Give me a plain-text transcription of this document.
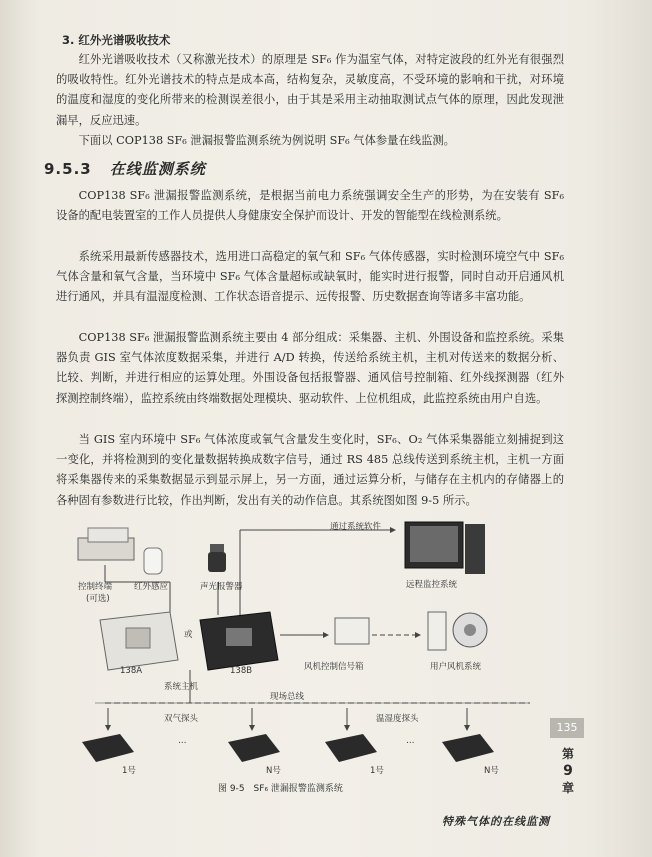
3. 红外光谱吸收技术
红外光谱吸收技术（又称激光技术）的原理是 SF₆ 作为温室气体，对特定波段的红外光有很强烈的吸收特性。红外光谱技术的特点是成本高，结构复杂，灵敏度高，不受环境的影响和干扰，对环境的温度和湿度的变化所带来的检测误差很小，由于其是采用主动抽取测试点气体的原理，因此发现泄漏早，反应迅速。
下面以 COP138 SF₆ 泄漏报警监测系统为例说明 SF₆ 气体参量在线监测。
9.5.3 在线监测系统
COP138 SF₆ 泄漏报警监测系统，是根据当前电力系统强调安全生产的形势，为在安装有 SF₆ 设备的配电装置室的工作人员提供人身健康安全保护而设计、开发的智能型在线检测系统。
系统采用最新传感器技术，选用进口高稳定的氧气和 SF₆ 气体传感器，实时检测环境空气中 SF₆ 气体含量和氧气含量，当环境中 SF₆ 气体含量超标或缺氧时，能实时进行报警，同时自动开启通风机进行通风，并具有温湿度检测、工作状态语音提示、远传报警、历史数据查询等诸多丰富功能。
COP138 SF₆ 泄漏报警监测系统主要由 4 部分组成：采集器、主机、外围设备和监控系统。采集器负责 GIS 室气体浓度数据采集，并进行 A/D 转换，传送给系统主机，主机对传送来的数据分析、比较、判断，并进行相应的运算处理。外围设备包括报警器、通风信号控制箱、红外线探测器（红外探测控制终端），监控系统由终端数据处理模块、驱动软件、上位机组成，此监控系统由用户自选。
当 GIS 室内环境中 SF₆ 气体浓度或氧气含量发生变化时，SF₆、O₂ 气体采集器能立刻捕捉到这一变化，并将检测到的变化量数据转换成数字信号，通过 RS 485 总线传送到系统主机，主机一方面将采集器传来的采集数据显示到显示屏上，另一方面，通过运算分析，与储存在主机内的存储器上的各种固有参数进行比较，作出判断，发出有关的动作信息。其系统图如图 9-5 所示。
通过系统软件
控制终端
(可选)
红外感应	声光报警器	远程监控系统
或
138A	138B
系统主机
风机控制信号箱	用户风机系统
现场总线
双气探头	温湿度探头
…	…
1号	N号	1号	N号
图 9-5　SF₆ 泄漏报警监测系统
135
第
9
章
特殊气体的在线监测
